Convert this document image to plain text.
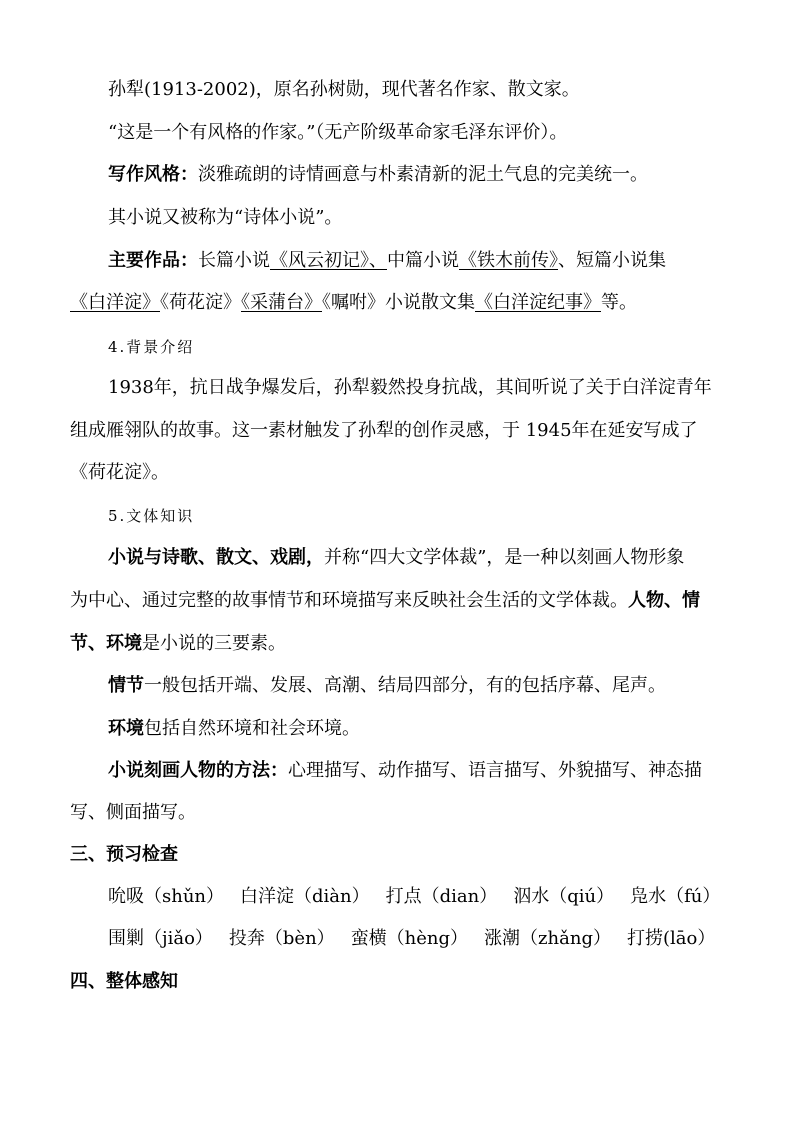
孙犁(1913-2002)，原名孙树勋，现代著名作家、散文家。
“这是一个有风格的作家。”（无产阶级革命家毛泽东评价）。
写作风格：淡雅疏朗的诗情画意与朴素清新的泥土气息的完美统一。
其小说又被称为“诗体小说”。
主要作品：长篇小说《风云初记》、中篇小说《铁木前传》、短篇小说集
《白洋淀》《荷花淀》《采蒲台》《嘱咐》小说散文集《白洋淀纪事》等。
4.背景介绍
1938年，抗日战争爆发后，孙犁毅然投身抗战，其间听说了关于白洋淀青年
组成雁翎队的故事。这一素材触发了孙犁的创作灵感，于 1945年在延安写成了
《荷花淀》。
5.文体知识
小说与诗歌、散文、戏剧，并称“四大文学体裁”，是一种以刻画人物形象
为中心、通过完整的故事情节和环境描写来反映社会生活的文学体裁。人物、情
节、环境是小说的三要素。
情节一般包括开端、发展、高潮、结局四部分，有的包括序幕、尾声。
环境包括自然环境和社会环境。
小说刻画人物的方法：心理描写、动作描写、语言描写、外貌描写、神态描
写、侧面描写。
三、预习检查
吮吸（shǔn） 白洋淀（diàn） 打点（dian） 泅水（qiú） 凫水（fú）
围剿（jiǎo） 投奔（bèn） 蛮横（hèng） 涨潮（zhǎng） 打捞(lāo）
四、整体感知
